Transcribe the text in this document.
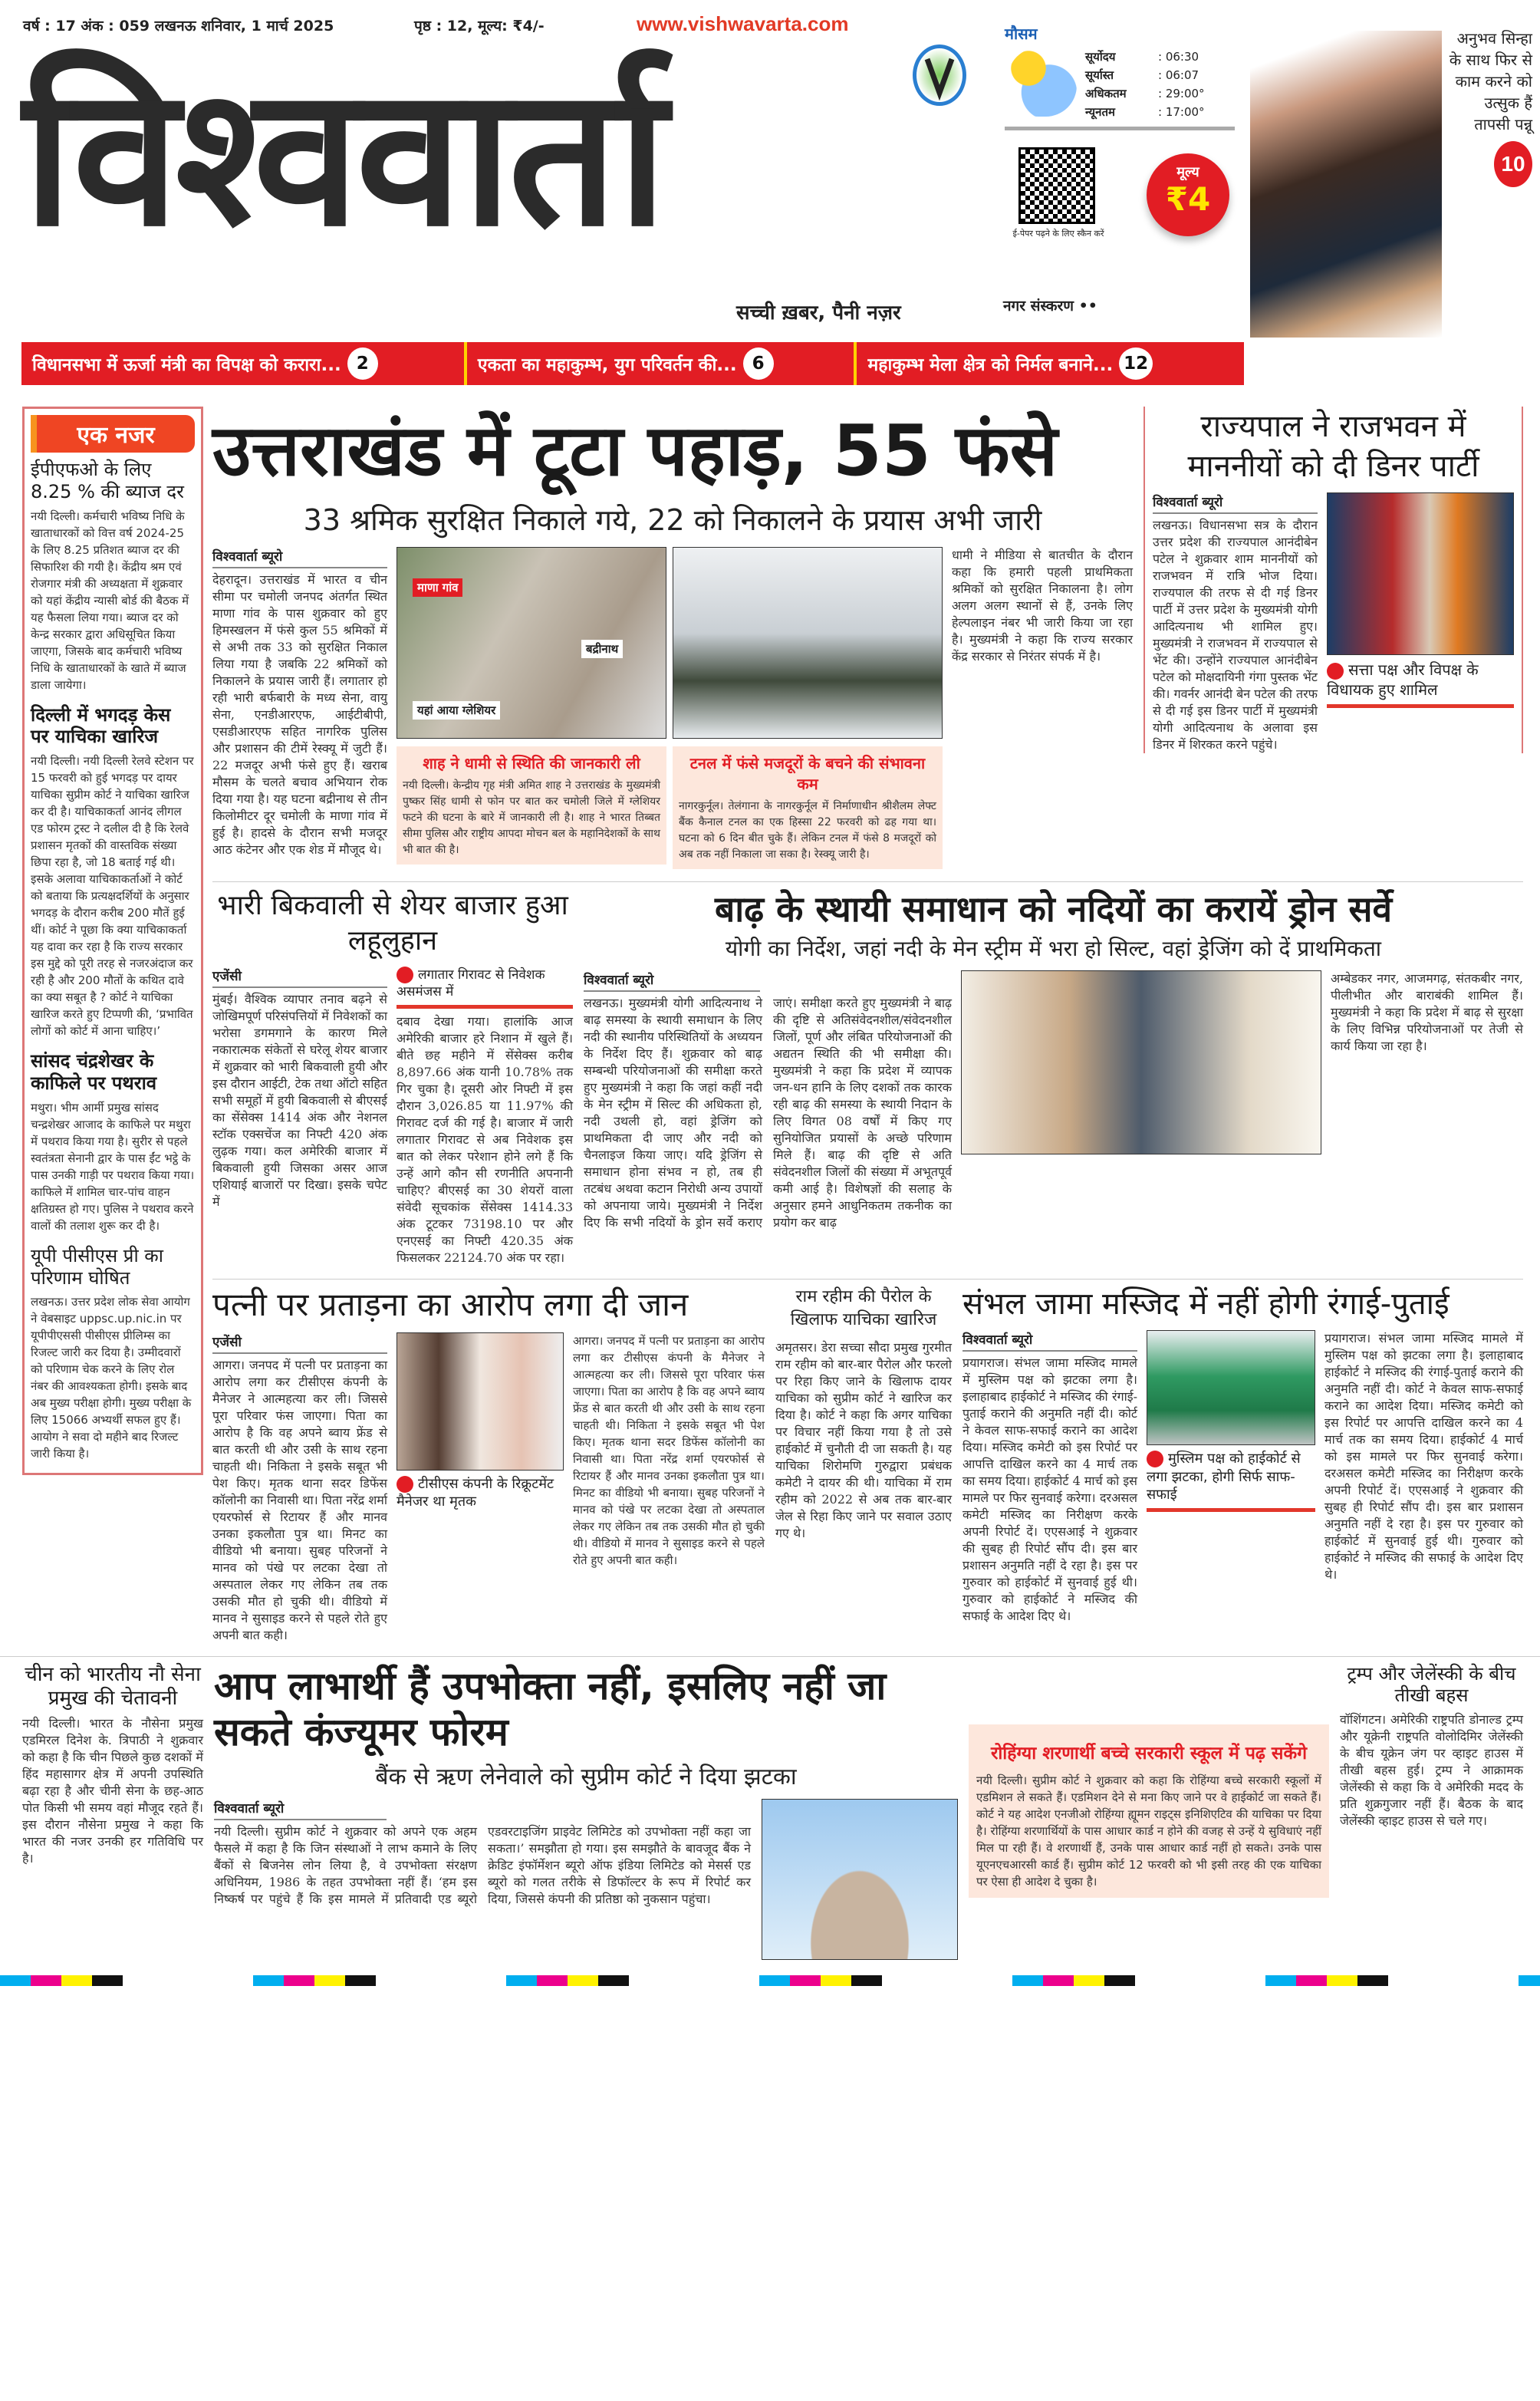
वर्ष : 17 अंक : 059 लखनऊ शनिवार, 1 मार्च 2025	पृष्ठ : 12, मूल्य: ₹4/-	www.vishwavarta.com
विश्ववार्ता
सच्ची ख़बर, पैनी नज़र
मौसम
सूर्योदय	: 06:30
सूर्यास्त	: 06:07
अधिकतम	: 29:00°
न्यूनतम	: 17:00°
ई-पेपर पढ़ने के लिए स्कैन करें
मूल्य
₹4
नगर संस्करण ••
अनुभव सिन्हा के साथ फिर से काम करने को उत्सुक हैं तापसी पन्नू
10
विधानसभा में ऊर्जा मंत्री का विपक्ष को करारा... 2	एकता का महाकुम्भ, युग परिवर्तन की... 6	महाकुम्भ मेला क्षेत्र को निर्मल बनाने... 12
एक नजर
ईपीएफओ के लिए 8.25 % की ब्याज दर
नयी दिल्ली। कर्मचारी भविष्य निधि के खाताधारकों को वित्त वर्ष 2024-25 के लिए 8.25 प्रतिशत ब्याज दर की सिफारिश की गयी है। केंद्रीय श्रम एवं रोजगार मंत्री की अध्यक्षता में शुक्रवार को यहां केंद्रीय न्यासी बोर्ड की बैठक में यह फैसला लिया गया। ब्याज दर को केन्द्र सरकार द्वारा अधिसूचित किया जाएगा, जिसके बाद कर्मचारी भविष्य निधि के खाताधारकों के खाते में ब्याज डाला जायेगा।
दिल्ली में भगदड़ केस पर याचिका खारिज
नयी दिल्ली। नयी दिल्ली रेलवे स्टेशन पर 15 फरवरी को हुई भगदड़ पर दायर याचिका सुप्रीम कोर्ट ने याचिका खारिज कर दी है। याचिकाकर्ता आनंद लीगल एड फोरम ट्रस्ट ने दलील दी है कि रेलवे प्रशासन मृतकों की वास्तविक संख्या छिपा रहा है, जो 18 बताई गई थी। इसके अलावा याचिकाकर्ताओं ने कोर्ट को बताया कि प्रत्यक्षदर्शियों के अनुसार भगदड़ के दौरान करीब 200 मौतें हुई थीं। कोर्ट ने पूछा कि क्या याचिकाकर्ता यह दावा कर रहा है कि राज्य सरकार इस मुद्दे को पूरी तरह से नजरअंदाज कर रही है और 200 मौतों के कथित दावे का क्या सबूत है ? कोर्ट ने याचिका खारिज करते हुए टिप्पणी की, ‘प्रभावित लोगों को कोर्ट में आना चाहिए।’
सांसद चंद्रशेखर के काफिले पर पथराव
मथुरा। भीम आर्मी प्रमुख सांसद चन्द्रशेखर आजाद के काफिले पर मथुरा में पथराव किया गया है। सुरीर से पहले स्वतंत्रता सेनानी द्वार के पास ईंट भट्ठे के पास उनकी गाड़ी पर पथराव किया गया। काफिले में शामिल चार-पांच वाहन क्षतिग्रस्त हो गए। पुलिस ने पथराव करने वालों की तलाश शुरू कर दी है।
यूपी पीसीएस प्री का परिणाम घोषित
लखनऊ। उत्तर प्रदेश लोक सेवा आयोग ने वेबसाइट uppsc.up.nic.in पर यूपीपीएससी पीसीएस प्रीलिम्स का रिजल्ट जारी कर दिया है। उम्मीदवारों को परिणाम चेक करने के लिए रोल नंबर की आवश्यकता होगी। इसके बाद अब मुख्य परीक्षा होगी। मुख्य परीक्षा के लिए 15066 अभ्यर्थी सफल हुए हैं। आयोग ने सवा दो महीने बाद रिजल्ट जारी किया है।
उत्तराखंड में टूटा पहाड़, 55 फंसे
33 श्रमिक सुरक्षित निकाले गये, 22 को निकालने के प्रयास अभी जारी
विश्ववार्ता ब्यूरो
देहरादून। उत्तराखंड में भारत व चीन सीमा पर चमोली जनपद अंतर्गत स्थित माणा गांव के पास शुक्रवार को हुए हिमस्खलन में फंसे कुल 55 श्रमिकों में से अभी तक 33 को सुरक्षित निकाल लिया गया है जबकि 22 श्रमिकों को निकालने के प्रयास जारी हैं। लगातार हो रही भारी बर्फबारी के मध्य सेना, वायु सेना, एनडीआरएफ, आईटीबीपी, एसडीआरएफ सहित नागरिक पुलिस और प्रशासन की टीमें रेस्क्यू में जुटी हैं। 22 मजदूर अभी फंसे हुए हैं। खराब मौसम के चलते बचाव अभियान रोक दिया गया है। यह घटना बद्रीनाथ से तीन किलोमीटर दूर चमोली के माणा गांव में हुई है। हादसे के दौरान सभी मजदूर आठ कंटेनर और एक शेड में मौजूद थे।
माणा गांव
यहां आया ग्लेशियर
बद्रीनाथ
शाह ने धामी से स्थिति की जानकारी ली
नयी दिल्ली। केन्द्रीय गृह मंत्री अमित शाह ने उत्तराखंड के मुख्यमंत्री पुष्कर सिंह धामी से फोन पर बात कर चमोली जिले में ग्लेशियर फटने की घटना के बारे में जानकारी ली है। शाह ने भारत तिब्बत सीमा पुलिस और राष्ट्रीय आपदा मोचन बल के महानिदेशकों के साथ भी बात की है।
टनल में फंसे मजदूरों के बचने की संभावना कम
नागरकुर्नूल। तेलंगाना के नागरकुर्नूल में निर्माणाधीन श्रीशैलम लेफ्ट बैंक कैनाल टनल का एक हिस्सा 22 फरवरी को ढह गया था। घटना को 6 दिन बीत चुके हैं। लेकिन टनल में फंसे 8 मजदूरों को अब तक नहीं निकाला जा सका है। रेस्क्यू जारी है।
धामी ने मीडिया से बातचीत के दौरान कहा कि हमारी पहली प्राथमिकता श्रमिकों को सुरक्षित निकालना है। लोग अलग अलग स्थानों से हैं, उनके लिए हेल्पलाइन नंबर भी जारी किया जा रहा है। मुख्यमंत्री ने कहा कि राज्य सरकार केंद्र सरकार से निरंतर संपर्क में है।
राज्यपाल ने राजभवन में माननीयों को दी डिनर पार्टी
विश्ववार्ता ब्यूरो
लखनऊ। विधानसभा सत्र के दौरान उत्तर प्रदेश की राज्यपाल आनंदीबेन पटेल ने शुक्रवार शाम माननीयों को राजभवन में रात्रि भोज दिया। राज्यपाल की तरफ से दी गई डिनर पार्टी में उत्तर प्रदेश के मुख्यमंत्री योगी आदित्यनाथ भी शामिल हुए। मुख्यमंत्री ने राजभवन में राज्यपाल से भेंट की। उन्होंने राज्यपाल आनंदीबेन पटेल को मोक्षदायिनी गंगा पुस्तक भेंट की। गवर्नर आनंदी बेन पटेल की तरफ से दी गई इस डिनर पार्टी में मुख्यमंत्री योगी आदित्यनाथ के अलावा इस डिनर में शिरकत करने पहुंचे।
सत्ता पक्ष और विपक्ष के विधायक हुए शामिल
भारी बिकवाली से शेयर बाजार हुआ लहूलुहान
एजेंसी
मुंबई। वैश्विक व्यापार तनाव बढ़ने से जोखिमपूर्ण परिसंपत्तियों में निवेशकों का भरोसा डगमगाने के कारण मिले नकारात्मक संकेतों से घरेलू शेयर बाजार में शुक्रवार को भारी बिकवाली हुयी और इस दौरान आईटी, टेक तथा ऑटो सहित सभी समूहों में हुयी बिकवाली से बीएसई का सेंसेक्स 1414 अंक और नेशनल स्टॉक एक्सचेंज का निफ्टी 420 अंक लुढ़क गया। कल अमेरिकी बाजार में बिकवाली हुयी जिसका असर आज एशियाई बाजारों पर दिखा। इसके चपेट में
लगातार गिरावट से निवेशक असमंजस में
दबाव देखा गया। हालांकि आज अमेरिकी बाजार हरे निशान में खुले हैं। बीते छह महीने में सेंसेक्स करीब 8,897.66 अंक यानी 10.78% तक गिर चुका है। दूसरी ओर निफ्टी में इस दौरान 3,026.85 या 11.97% की गिरावट दर्ज की गई है। बाजार में जारी लगातार गिरावट से अब निवेशक इस बात को लेकर परेशान होने लगे हैं कि उन्हें आगे कौन सी रणनीति अपनानी चाहिए? बीएसई का 30 शेयरों वाला संवेदी सूचकांक सेंसेक्स 1414.33 अंक टूटकर 73198.10 पर और एनएसई का निफ्टी 420.35 अंक फिसलकर 22124.70 अंक पर रहा।
बाढ़ के स्थायी समाधान को नदियों का करायें ड्रोन सर्वे
योगी का निर्देश, जहां नदी के मेन स्ट्रीम में भरा हो सिल्ट, वहां ड्रेजिंग को दें प्राथमिकता
विश्ववार्ता ब्यूरो
लखनऊ। मुख्यमंत्री योगी आदित्यनाथ ने बाढ़ समस्या के स्थायी समाधान के लिए नदी की स्थानीय परिस्थितियों के अध्ययन के निर्देश दिए हैं। शुक्रवार को बाढ़ सम्बन्धी परियोजनाओं की समीक्षा करते हुए मुख्यमंत्री ने कहा कि जहां कहीं नदी के मेन स्ट्रीम में सिल्ट की अधिकता हो, नदी उथली हो, वहां ड्रेजिंग को प्राथमिकता दी जाए और नदी को चैनलाइज किया जाए। यदि ड्रेजिंग से समाधान होना संभव न हो, तब ही तटबंध अथवा कटान निरोधी अन्य उपायों को अपनाया जाये। मुख्यमंत्री ने निर्देश दिए कि सभी नदियों के ड्रोन सर्वे कराए जाएं। समीक्षा करते हुए मुख्यमंत्री ने बाढ़ की दृष्टि से अतिसंवेदनशील/संवेदनशील जिलों, पूर्ण और लंबित परियोजनाओं की अद्यतन स्थिति की भी समीक्षा की। मुख्यमंत्री ने कहा कि प्रदेश में व्यापक जन-धन हानि के लिए दशकों तक कारक रही बाढ़ की समस्या के स्थायी निदान के लिए विगत 08 वर्षों में किए गए सुनियोजित प्रयासों के अच्छे परिणाम मिले हैं। बाढ़ की दृष्टि से अति संवेदनशील जिलों की संख्या में अभूतपूर्व कमी आई है। विशेषज्ञों की सलाह के अनुसार हमने आधुनिकतम तकनीक का प्रयोग कर बाढ़
अम्बेडकर नगर, आजमगढ़, संतकबीर नगर, पीलीभीत और बाराबंकी शामिल हैं। मुख्यमंत्री ने कहा कि प्रदेश में बाढ़ से सुरक्षा के लिए विभिन्न परियोजनाओं पर तेजी से कार्य किया जा रहा है।
पत्नी पर प्रताड़ना का आरोप लगा दी जान
एजेंसी
आगरा। जनपद में पत्नी पर प्रताड़ना का आरोप लगा कर टीसीएस कंपनी के मैनेजर ने आत्महत्या कर ली। जिससे पूरा परिवार फंस जाएगा। पिता का आरोप है कि वह अपने ब्वाय फ्रेंड से बात करती थी और उसी के साथ रहना चाहती थी। निकिता ने इसके सबूत भी पेश किए। मृतक थाना सदर डिफेंस कॉलोनी का निवासी था। पिता नरेंद्र शर्मा एयरफोर्स से रिटायर हैं और मानव उनका इकलौता पुत्र था। मिनट का वीडियो भी बनाया। सुबह परिजनों ने मानव को पंखे पर लटका देखा तो अस्पताल लेकर गए लेकिन तब तक उसकी मौत हो चुकी थी। वीडियो में मानव ने सुसाइड करने से पहले रोते हुए अपनी बात कही।
टीसीएस कंपनी के रिक्रूटमेंट मैनेजर था मृतक
आगरा। जनपद में पत्नी पर प्रताड़ना का आरोप लगा कर टीसीएस कंपनी के मैनेजर ने आत्महत्या कर ली। जिससे पूरा परिवार फंस जाएगा। पिता का आरोप है कि वह अपने ब्वाय फ्रेंड से बात करती थी और उसी के साथ रहना चाहती थी। निकिता ने इसके सबूत भी पेश किए। मृतक थाना सदर डिफेंस कॉलोनी का निवासी था। पिता नरेंद्र शर्मा एयरफोर्स से रिटायर हैं और मानव उनका इकलौता पुत्र था। मिनट का वीडियो भी बनाया। सुबह परिजनों ने मानव को पंखे पर लटका देखा तो अस्पताल लेकर गए लेकिन तब तक उसकी मौत हो चुकी थी। वीडियो में मानव ने सुसाइड करने से पहले रोते हुए अपनी बात कही।
राम रहीम की पैरोल के खिलाफ याचिका खारिज
अमृतसर। डेरा सच्चा सौदा प्रमुख गुरमीत राम रहीम को बार-बार पैरोल और फरलो पर रिहा किए जाने के खिलाफ दायर याचिका को सुप्रीम कोर्ट ने खारिज कर दिया है। कोर्ट ने कहा कि अगर याचिका पर विचार नहीं किया गया है तो उसे हाईकोर्ट में चुनौती दी जा सकती है। यह याचिका शिरोमणि गुरुद्वारा प्रबंधक कमेटी ने दायर की थी। याचिका में राम रहीम को 2022 से अब तक बार-बार जेल से रिहा किए जाने पर सवाल उठाए गए थे।
संभल जामा मस्जिद में नहीं होगी रंगाई-पुताई
विश्ववार्ता ब्यूरो
प्रयागराज। संभल जामा मस्जिद मामले में मुस्लिम पक्ष को झटका लगा है। इलाहाबाद हाईकोर्ट ने मस्जिद की रंगाई-पुताई कराने की अनुमति नहीं दी। कोर्ट ने केवल साफ-सफाई कराने का आदेश दिया। मस्जिद कमेटी को इस रिपोर्ट पर आपत्ति दाखिल करने का 4 मार्च तक का समय दिया। हाईकोर्ट 4 मार्च को इस मामले पर फिर सुनवाई करेगा। दरअसल कमेटी मस्जिद का निरीक्षण करके अपनी रिपोर्ट दें। एएसआई ने शुक्रवार की सुबह ही रिपोर्ट सौंप दी। इस बार प्रशासन अनुमति नहीं दे रहा है। इस पर गुरुवार को हाईकोर्ट में सुनवाई हुई थी। गुरुवार को हाईकोर्ट ने मस्जिद की सफाई के आदेश दिए थे।
मुस्लिम पक्ष को हाईकोर्ट से लगा झटका, होगी सिर्फ साफ-सफाई
प्रयागराज। संभल जामा मस्जिद मामले में मुस्लिम पक्ष को झटका लगा है। इलाहाबाद हाईकोर्ट ने मस्जिद की रंगाई-पुताई कराने की अनुमति नहीं दी। कोर्ट ने केवल साफ-सफाई कराने का आदेश दिया। मस्जिद कमेटी को इस रिपोर्ट पर आपत्ति दाखिल करने का 4 मार्च तक का समय दिया। हाईकोर्ट 4 मार्च को इस मामले पर फिर सुनवाई करेगा। दरअसल कमेटी मस्जिद का निरीक्षण करके अपनी रिपोर्ट दें। एएसआई ने शुक्रवार की सुबह ही रिपोर्ट सौंप दी। इस बार प्रशासन अनुमति नहीं दे रहा है। इस पर गुरुवार को हाईकोर्ट में सुनवाई हुई थी। गुरुवार को हाईकोर्ट ने मस्जिद की सफाई के आदेश दिए थे।
चीन को भारतीय नौ सेना प्रमुख की चेतावनी
नयी दिल्ली। भारत के नौसेना प्रमुख एडमिरल दिनेश के. त्रिपाठी ने शुक्रवार को कहा है कि चीन पिछले कुछ दशकों में हिंद महासागर क्षेत्र में अपनी उपस्थिति बढ़ा रहा है और चीनी सेना के छह-आठ पोत किसी भी समय वहां मौजूद रहते हैं। इस दौरान नौसेना प्रमुख ने कहा कि भारत की नजर उनकी हर गतिविधि पर है।
आप लाभार्थी हैं उपभोक्ता नहीं, इसलिए नहीं जा सकते कंज्यूमर फोरम
बैंक से ऋण लेनेवाले को सुप्रीम कोर्ट ने दिया झटका
विश्ववार्ता ब्यूरो
नयी दिल्ली। सुप्रीम कोर्ट ने शुक्रवार को अपने एक अहम फैसले में कहा है कि जिन संस्थाओं ने लाभ कमाने के लिए बैंकों से बिजनेस लोन लिया है, वे उपभोक्ता संरक्षण अधिनियम, 1986 के तहत उपभोक्ता नहीं हैं। ‘हम इस निष्कर्ष पर पहुंचे हैं कि इस मामले में प्रतिवादी एड ब्यूरो एडवरटाइजिंग प्राइवेट लिमिटेड को उपभोक्ता नहीं कहा जा सकता।’ समझौता हो गया। इस समझौते के बावजूद बैंक ने क्रेडिट इंफॉर्मेशन ब्यूरो ऑफ इंडिया लिमिटेड को मेसर्स एड ब्यूरो को गलत तरीके से डिफॉल्टर के रूप में रिपोर्ट कर दिया, जिससे कंपनी की प्रतिष्ठा को नुकसान पहुंचा।
रोहिंग्या शरणार्थी बच्चे सरकारी स्कूल में पढ़ सकेंगे
नयी दिल्ली। सुप्रीम कोर्ट ने शुक्रवार को कहा कि रोहिंग्या बच्चे सरकारी स्कूलों में एडमिशन ले सकते हैं। एडमिशन देने से मना किए जाने पर वे हाईकोर्ट जा सकते हैं। कोर्ट ने यह आदेश एनजीओ रोहिंग्या ह्यूमन राइट्स इनिशिएटिव की याचिका पर दिया है। रोहिंग्या शरणार्थियों के पास आधार कार्ड न होने की वजह से उन्हें ये सुविधाएं नहीं मिल पा रही हैं। वे शरणार्थी हैं, उनके पास आधार कार्ड नहीं हो सकते। उनके पास यूएनएचआरसी कार्ड हैं। सुप्रीम कोर्ट 12 फरवरी को भी इसी तरह की एक याचिका पर ऐसा ही आदेश दे चुका है।
ट्रम्प और जेलेंस्की के बीच तीखी बहस
वॉशिंगटन। अमेरिकी राष्ट्रपति डोनाल्ड ट्रम्प और यूक्रेनी राष्ट्रपति वोलोदिमिर जेलेंस्की के बीच यूक्रेन जंग पर व्हाइट हाउस में तीखी बहस हुई। ट्रम्प ने आक्रामक जेलेंस्की से कहा कि वे अमेरिकी मदद के प्रति शुक्रगुजार नहीं हैं। बैठक के बाद जेलेंस्की व्हाइट हाउस से चले गए।
